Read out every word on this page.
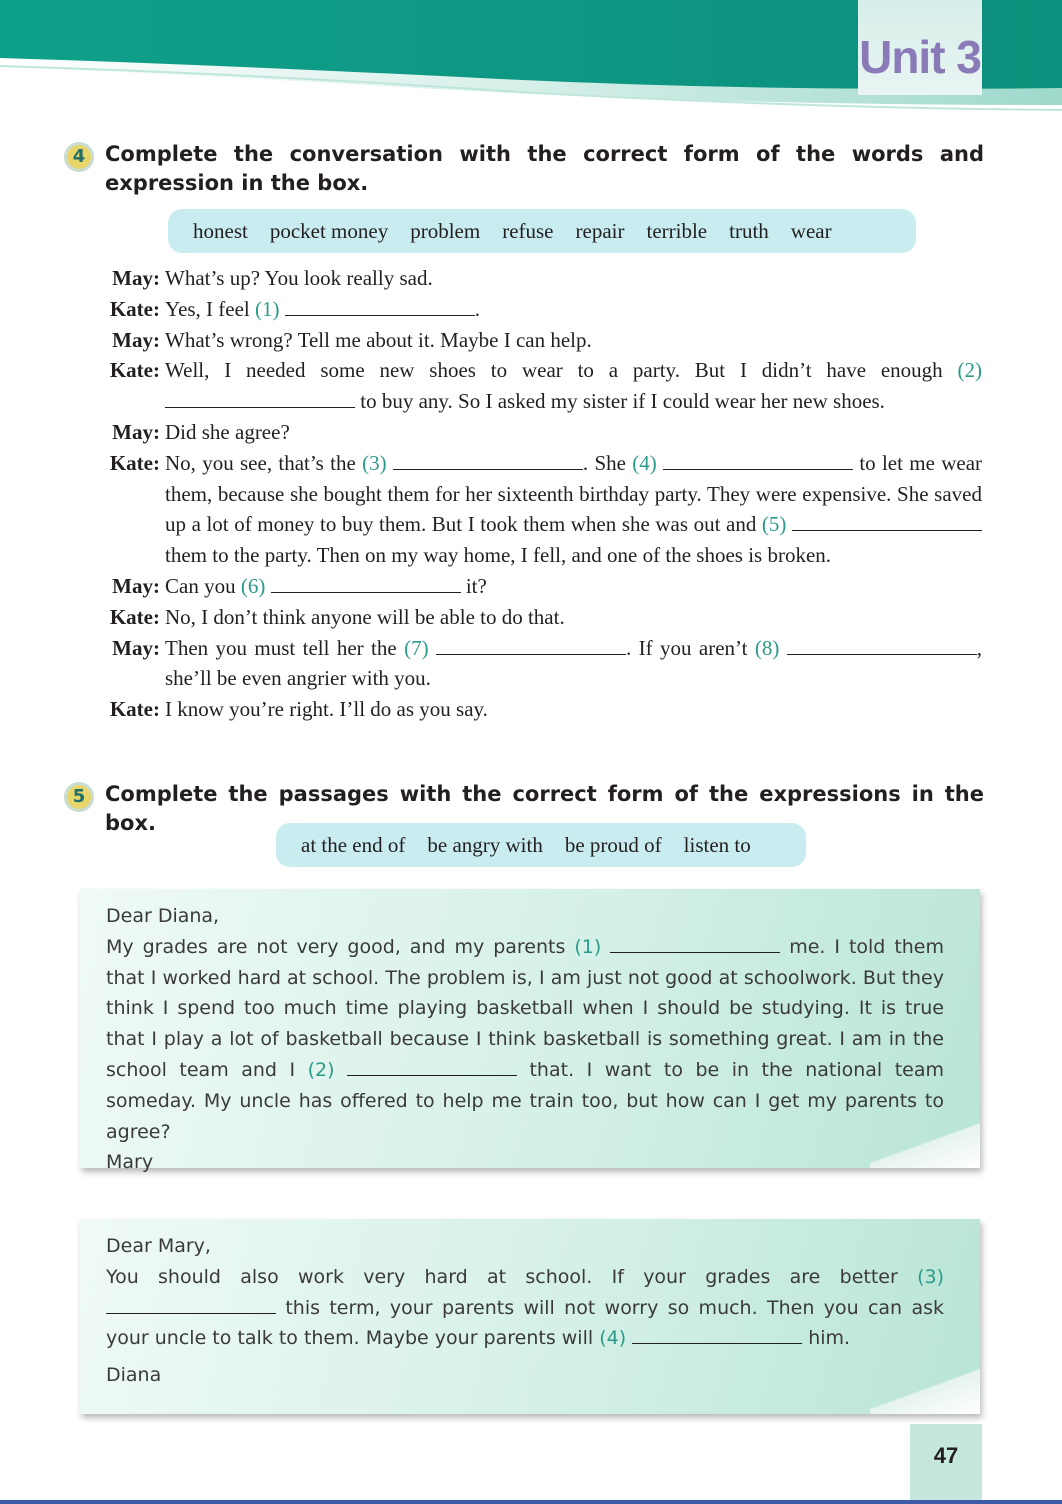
Unit 3
4 Complete the conversation with the correct form of the words and expression in the box.
honest pocket money problem refuse repair terrible truth wear
May: What’s up? You look really sad.
Kate: Yes, I feel (1)	.
May: What’s wrong? Tell me about it. Maybe I can help.
Kate: Well, I needed some new shoes to wear to a party. But I didn’t have enough (2)  to buy any. So I asked my sister if I could wear her new shoes.
May: Did she agree?
Kate: No, you see, that’s the (3)	. She (4)	to let me wear them, because she bought them for her sixteenth birthday party. They were expensive. She saved up a lot of money to buy them. But I took them when she was out and (5)  them to the party. Then on my way home, I fell, and one of the shoes is broken.
May: Can you (6)	it?
Kate: No, I don’t think anyone will be able to do that.
May: Then you must tell her the (7)	. If you aren’t (8)	, she’ll be even angrier with you.
Kate: I know you’re right. I’ll do as you say.
5 Complete the passages with the correct form of the expressions in the box.
at the end of be angry with be proud of listen to
Dear Diana,

My grades are not very good, and my parents (1)	me. I told them that I worked hard at school. The problem is, I am just not good at schoolwork. But they think I spend too much time playing basketball when I should be studying. It is true that I play a lot of basketball because I think basketball is something great. I am in the school team and I (2)	that. I want to be in the national team someday. My uncle has offered to help me train too, but how can I get my parents to agree?

Mary
Dear Mary,

You should also work very hard at school. If your grades are better (3)  this term, your parents will not worry so much. Then you can ask your uncle to talk to them. Maybe your parents will (4)	him.

Diana
47
